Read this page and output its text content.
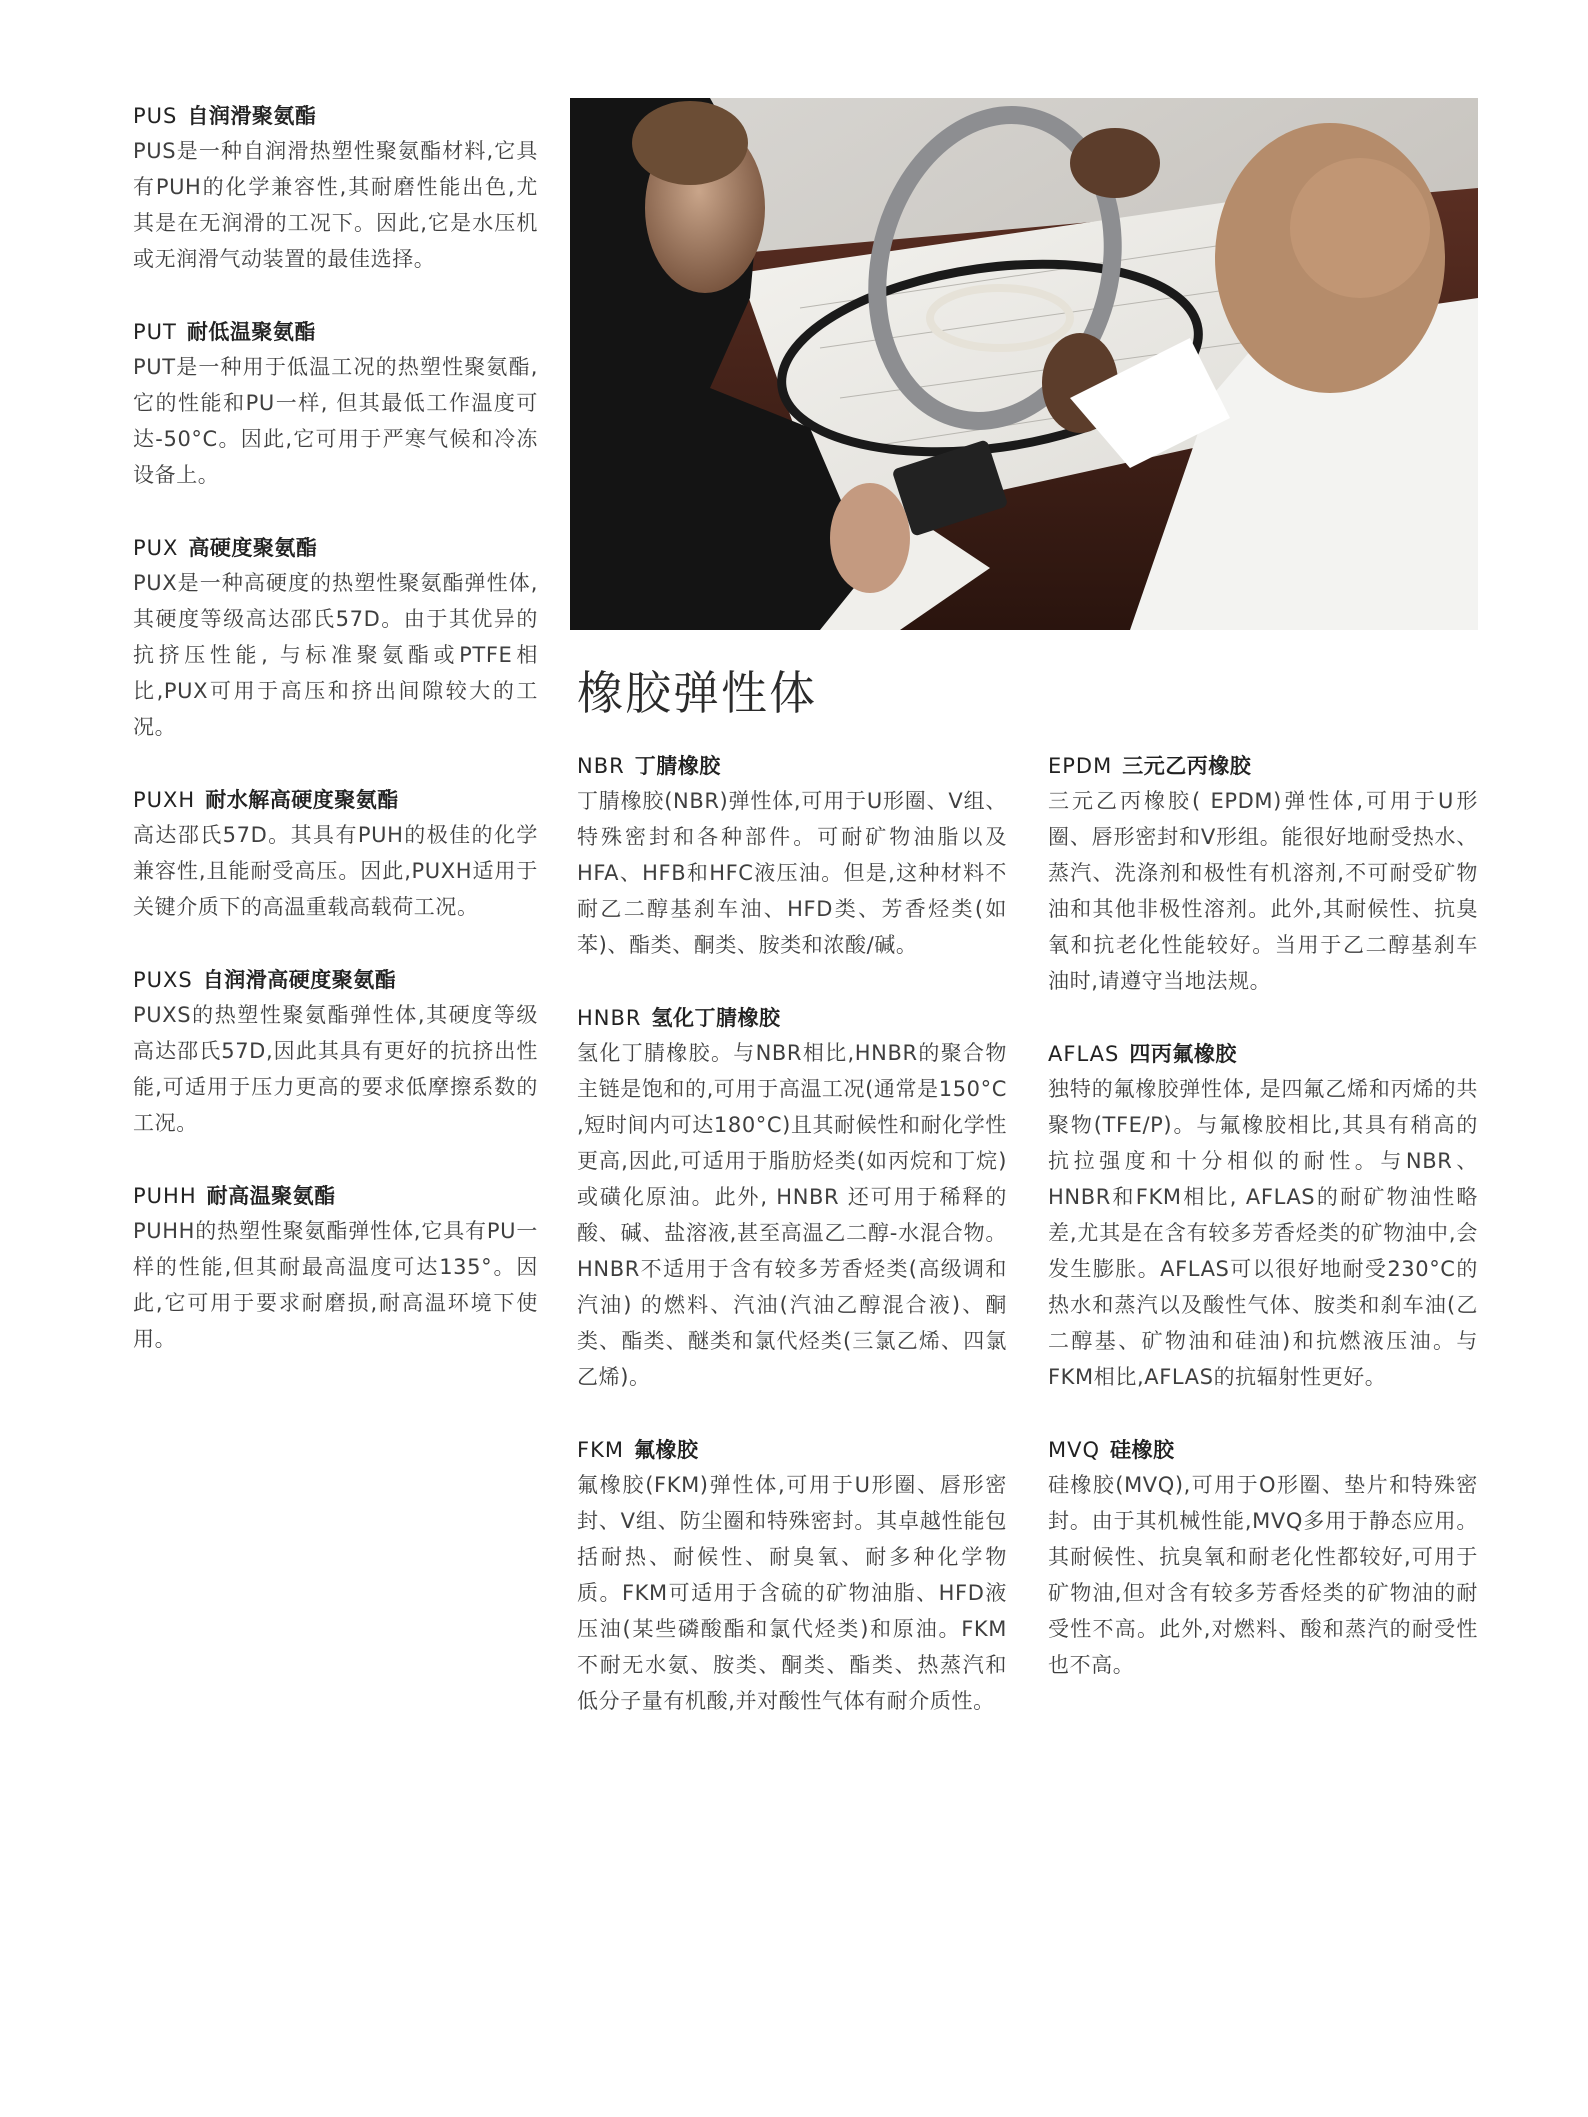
PUS 自润滑聚氨酯
PUS是一种自润滑热塑性聚氨酯材料,它具有PUH的化学兼容性,其耐磨性能出色,尤其是在无润滑的工况下。因此,它是水压机或无润滑气动装置的最佳选择。
PUT 耐低温聚氨酯
PUT是一种用于低温工况的热塑性聚氨酯,它的性能和PU一样, 但其最低工作温度可达-50°C。因此,它可用于严寒气候和冷冻设备上。
PUX 高硬度聚氨酯
PUX是一种高硬度的热塑性聚氨酯弹性体,其硬度等级高达邵氏57D。由于其优异的抗挤压性能, 与标准聚氨酯或PTFE相比,PUX可用于高压和挤出间隙较大的工况。
PUXH 耐水解高硬度聚氨酯
高达邵氏57D。其具有PUH的极佳的化学兼容性,且能耐受高压。因此,PUXH适用于关键介质下的高温重载高载荷工况。
PUXS 自润滑高硬度聚氨酯
PUXS的热塑性聚氨酯弹性体,其硬度等级高达邵氏57D,因此其具有更好的抗挤出性能,可适用于压力更高的要求低摩擦系数的工况。
PUHH 耐高温聚氨酯
PUHH的热塑性聚氨酯弹性体,它具有PU一样的性能,但其耐最高温度可达135°。因此,它可用于要求耐磨损,耐高温环境下使用。
橡胶弹性体
NBR 丁腈橡胶
丁腈橡胶(NBR)弹性体,可用于U形圈、V组、特殊密封和各种部件。可耐矿物油脂以及HFA、HFB和HFC液压油。但是,这种材料不耐乙二醇基刹车油、HFD类、芳香烃类(如苯)、酯类、酮类、胺类和浓酸/碱。
HNBR 氢化丁腈橡胶
氢化丁腈橡胶。与NBR相比,HNBR的聚合物主链是饱和的,可用于高温工况(通常是150°C ,短时间内可达180°C)且其耐候性和耐化学性更高,因此,可适用于脂肪烃类(如丙烷和丁烷) 或磺化原油。此外, HNBR 还可用于稀释的酸、碱、盐溶液,甚至高温乙二醇-水混合物。HNBR不适用于含有较多芳香烃类(高级调和汽油) 的燃料、汽油(汽油乙醇混合液)、酮类、酯类、醚类和氯代烃类(三氯乙烯、四氯乙烯)。
FKM 氟橡胶
氟橡胶(FKM)弹性体,可用于U形圈、唇形密封、V组、防尘圈和特殊密封。其卓越性能包括耐热、耐候性、耐臭氧、耐多种化学物质。FKM可适用于含硫的矿物油脂、HFD液压油(某些磷酸酯和氯代烃类)和原油。FKM不耐无水氨、胺类、酮类、酯类、热蒸汽和低分子量有机酸,并对酸性气体有耐介质性。
EPDM 三元乙丙橡胶
三元乙丙橡胶( EPDM)弹性体,可用于U形圈、唇形密封和V形组。能很好地耐受热水、蒸汽、洗涤剂和极性有机溶剂,不可耐受矿物油和其他非极性溶剂。此外,其耐候性、抗臭氧和抗老化性能较好。当用于乙二醇基刹车油时,请遵守当地法规。
AFLAS 四丙氟橡胶
独特的氟橡胶弹性体, 是四氟乙烯和丙烯的共聚物(TFE/P)。与氟橡胶相比,其具有稍高的抗拉强度和十分相似的耐性。与NBR、HNBR和FKM相比, AFLAS的耐矿物油性略差,尤其是在含有较多芳香烃类的矿物油中,会发生膨胀。AFLAS可以很好地耐受230°C的热水和蒸汽以及酸性气体、胺类和刹车油(乙二醇基、矿物油和硅油)和抗燃液压油。与FKM相比,AFLAS的抗辐射性更好。
MVQ 硅橡胶
硅橡胶(MVQ),可用于O形圈、垫片和特殊密封。由于其机械性能,MVQ多用于静态应用。其耐候性、抗臭氧和耐老化性都较好,可用于矿物油,但对含有较多芳香烃类的矿物油的耐受性不高。此外,对燃料、酸和蒸汽的耐受性也不高。
